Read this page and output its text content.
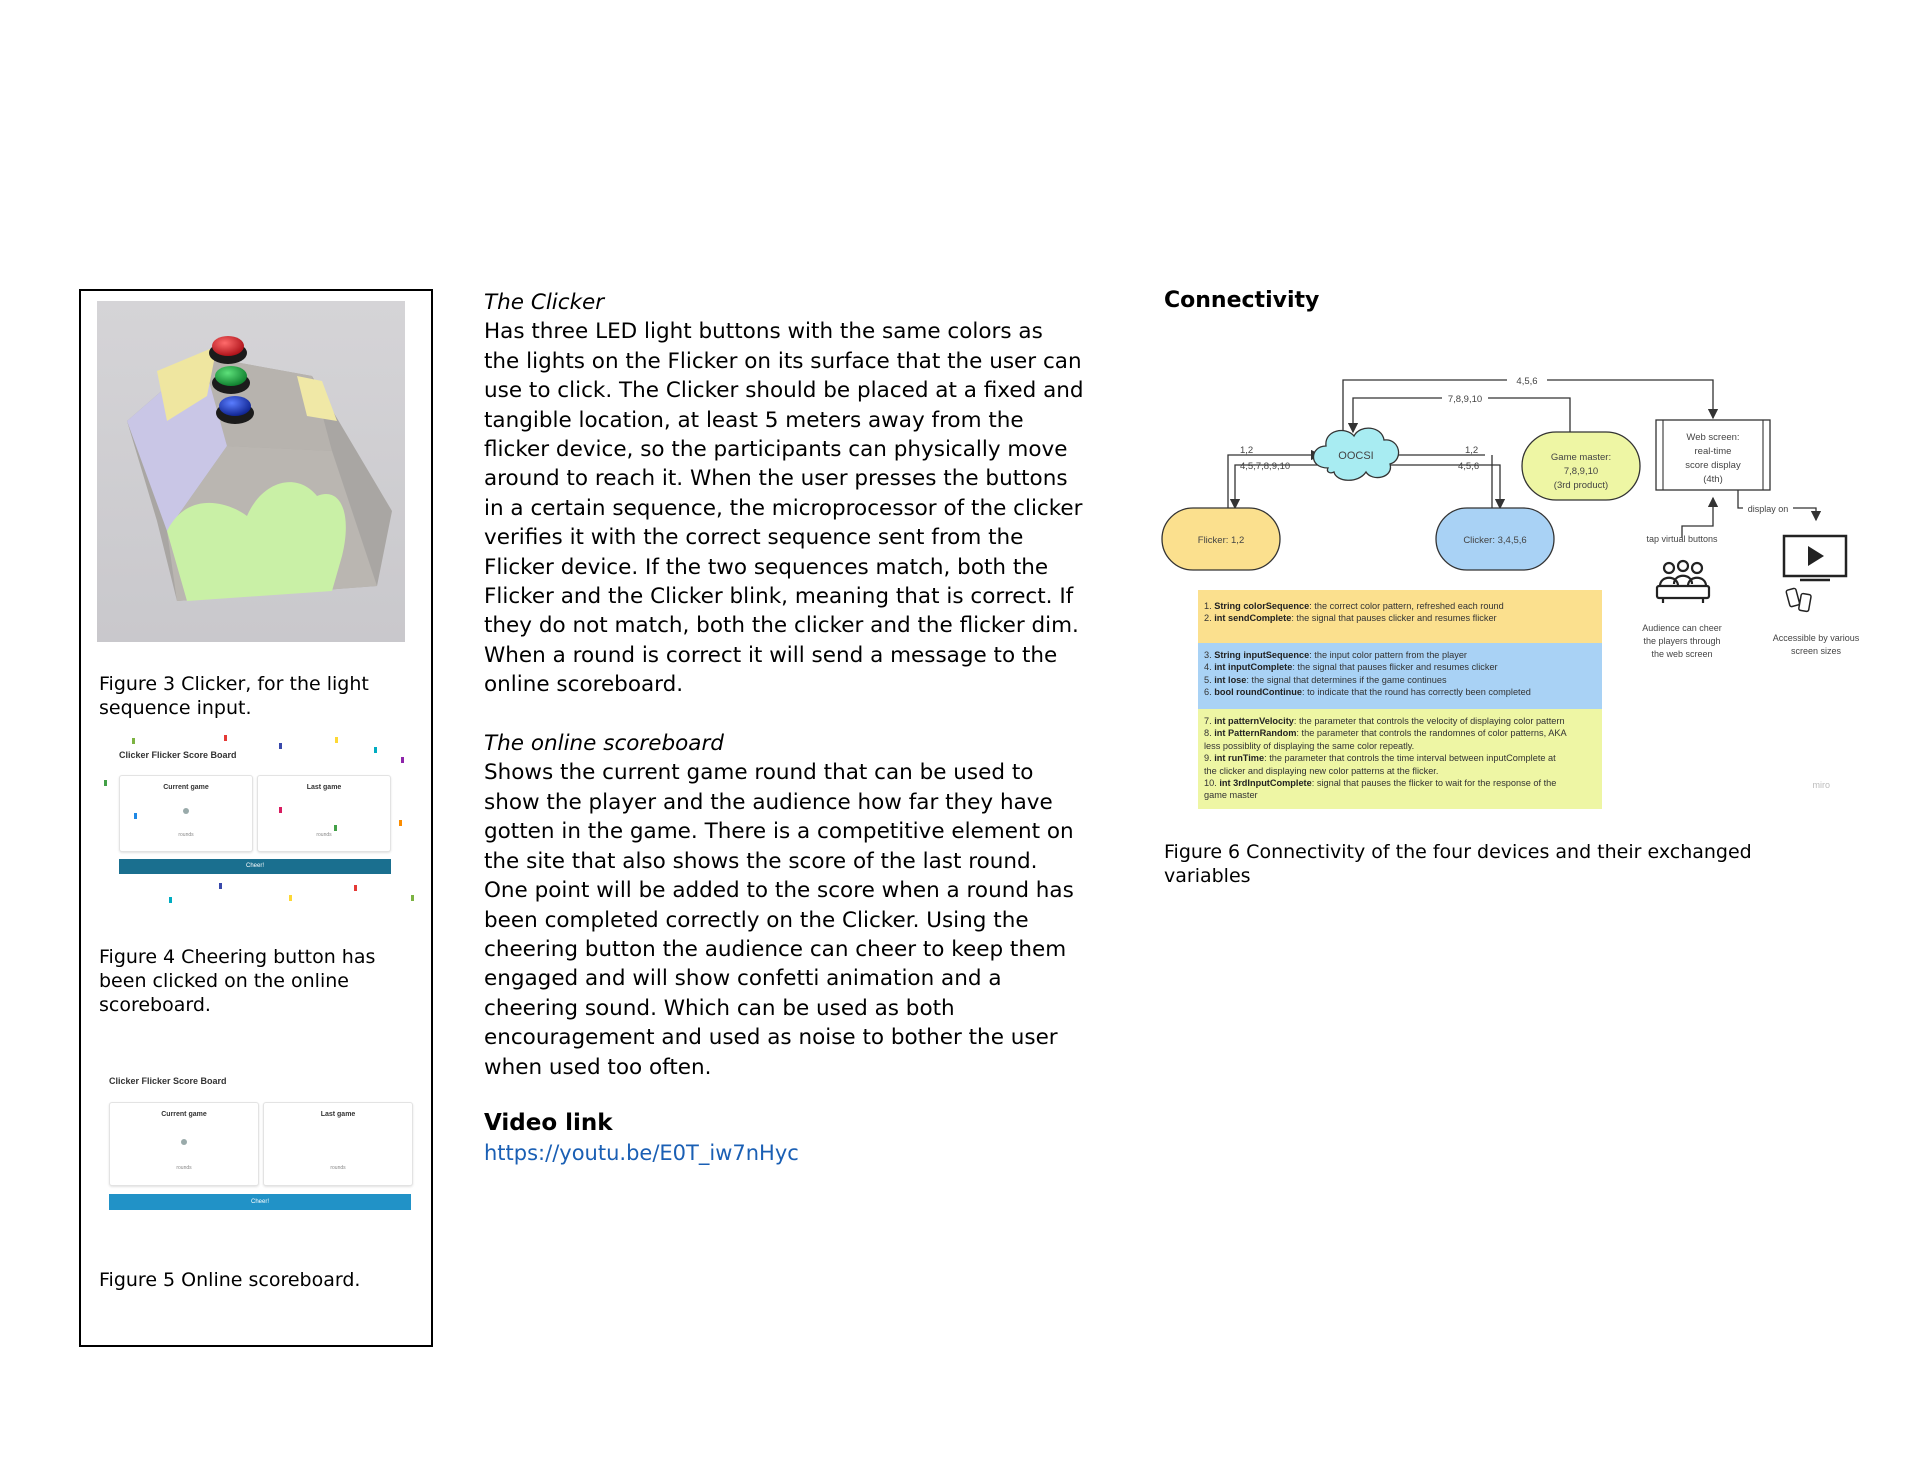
Figure 3 Clicker, for the light sequence input.
Clicker Flicker Score Board
Current game
rounds
Last game
rounds
Cheer!
Figure 4 Cheering button has been clicked on the online scoreboard.
Clicker Flicker Score Board
Current game
rounds
Last game
rounds
Cheer!
Figure 5 Online scoreboard.
The Clicker
Has three LED light buttons with the same colors as the lights on the Flicker on its surface that the user can use to click. The Clicker should be placed at a fixed and tangible location, at least 5 meters away from the flicker device, so the participants can physically move around to reach it. When the user presses the buttons in a certain sequence, the microprocessor of the clicker verifies it with the correct sequence sent from the Flicker device. If the two sequences match, both the Flicker and the Clicker blink, meaning that is correct. If they do not match, both the clicker and the flicker dim. When a round is correct it will send a message to the online scoreboard.
The online scoreboard
Shows the current game round that can be used to show the player and the audience how far they have gotten in the game. There is a competitive element on the site that also shows the score of the last round. One point will be added to the score when a round has been completed correctly on the Clicker. Using the cheering button the audience can cheer to keep them engaged and will show confetti animation and a cheering sound. Which can be used as both encouragement and used as noise to bother the user when used too often.
Video link
https://youtu.be/E0T_iw7nHyc
Connectivity
4,5,6
7,8,9,10
1,2
4,5,7,8,9,10
1,2
4,5,6
OOCSI
Flicker: 1,2	Clicker: 3,4,5,6
Game master:
7,8,9,10
(3rd product)
Web screen:
real-time
score display
(4th)
tap virtual buttons
display on
Audience can cheer
the players through
the web screen
Accessible by various
screen sizes
miro
1. String colorSequence: the correct color pattern, refreshed each round
2. int sendComplete: the signal that pauses clicker and resumes flicker
3. String inputSequence: the input color pattern from the player
4. int inputComplete: the signal that pauses flicker and resumes clicker
5. int lose: the signal that determines if the game continues
6. bool roundContinue: to indicate that the round has correctly been completed
7. int patternVelocity: the parameter that controls the velocity of displaying color pattern
8. int PatternRandom: the parameter that controls the randomnes of color patterns, AKA
less possiblity of displaying the same color repeatly.
9. int runTime: the parameter that controls the time interval between inputComplete at
the clicker and displaying new color patterns at the flicker.
10. int 3rdInputComplete: signal that pauses the flicker to wait for the response of the
game master
Figure 6 Connectivity of the four devices and their exchanged variables
